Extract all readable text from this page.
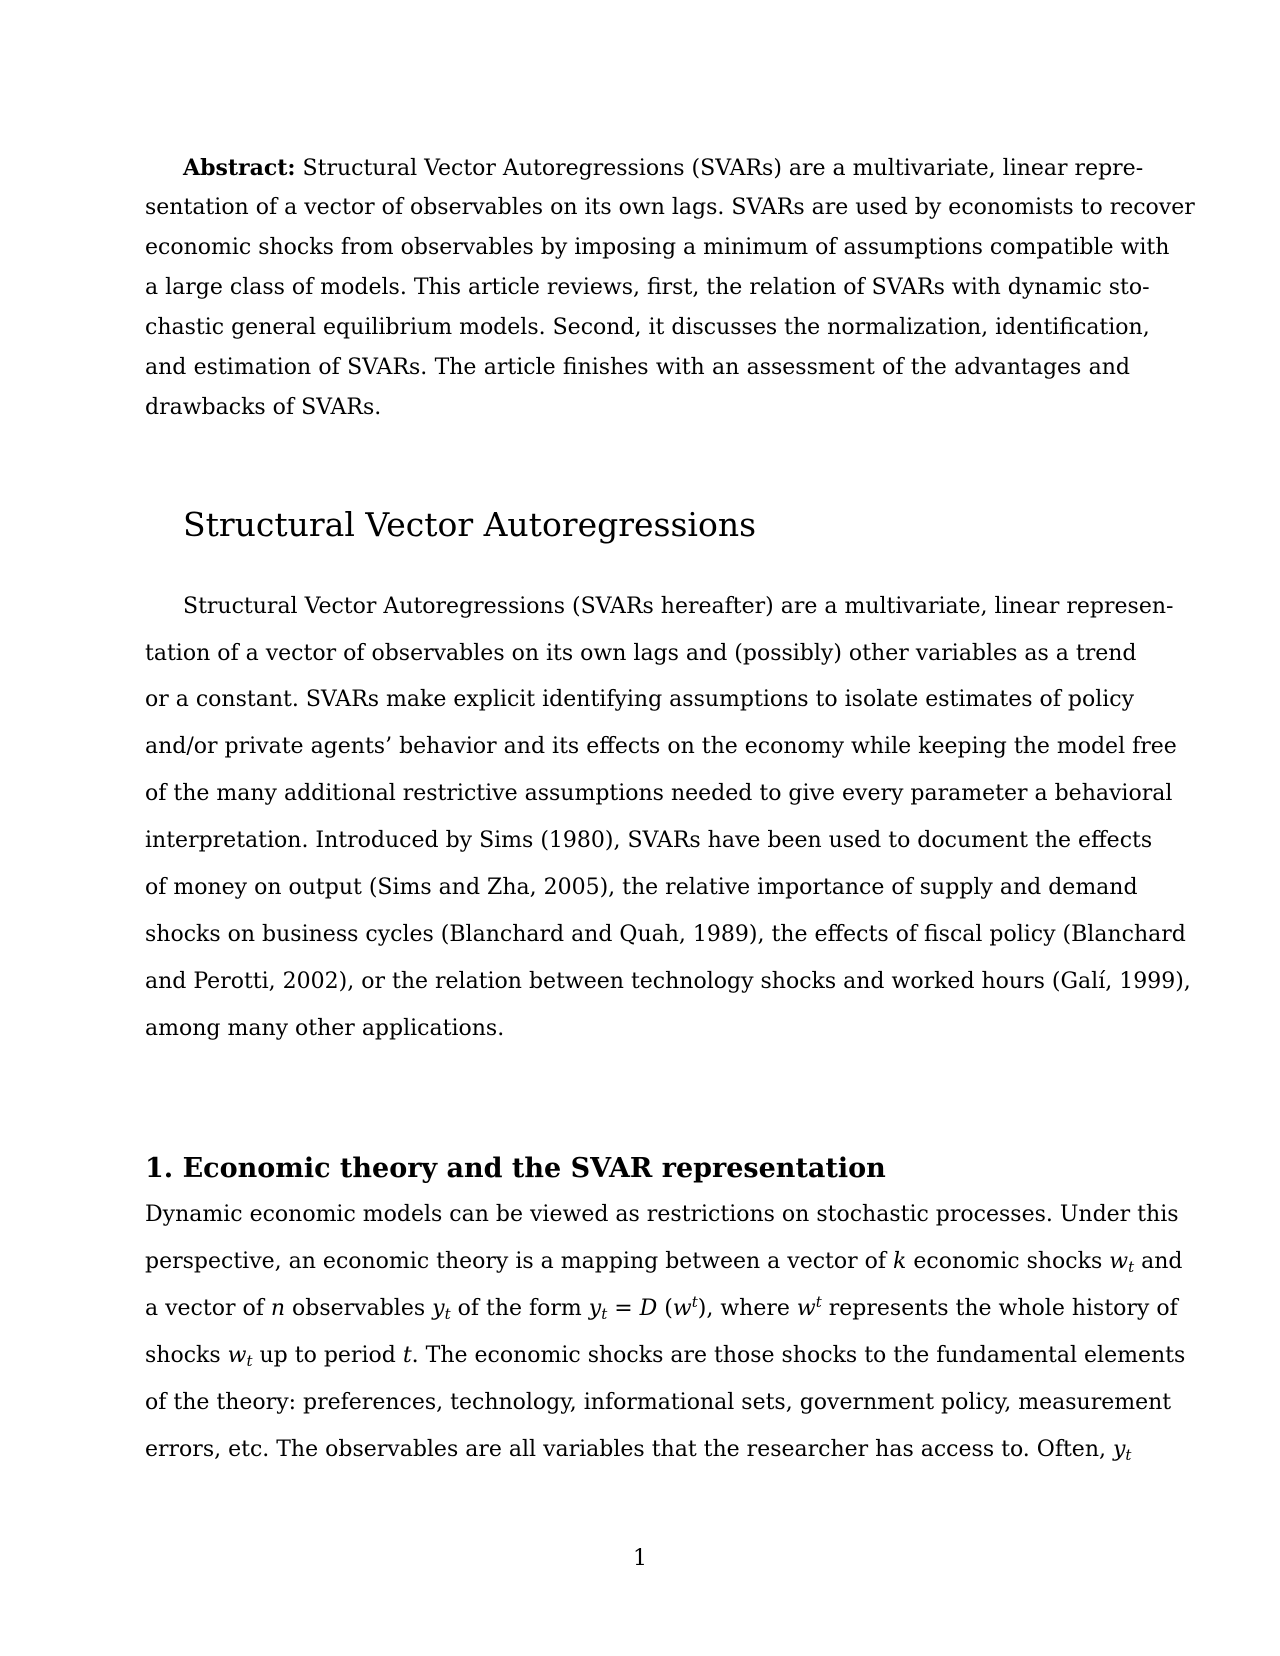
Abstract: Structural Vector Autoregressions (SVARs) are a multivariate, linear repre-
sentation of a vector of observables on its own lags. SVARs are used by economists to recover
economic shocks from observables by imposing a minimum of assumptions compatible with
a large class of models. This article reviews, first, the relation of SVARs with dynamic sto-
chastic general equilibrium models. Second, it discusses the normalization, identification,
and estimation of SVARs. The article finishes with an assessment of the advantages and
drawbacks of SVARs.
Structural Vector Autoregressions
Structural Vector Autoregressions (SVARs hereafter) are a multivariate, linear represen-
tation of a vector of observables on its own lags and (possibly) other variables as a trend
or a constant. SVARs make explicit identifying assumptions to isolate estimates of policy
and/or private agents’ behavior and its effects on the economy while keeping the model free
of the many additional restrictive assumptions needed to give every parameter a behavioral
interpretation. Introduced by Sims (1980), SVARs have been used to document the effects
of money on output (Sims and Zha, 2005), the relative importance of supply and demand
shocks on business cycles (Blanchard and Quah, 1989), the effects of fiscal policy (Blanchard
and Perotti, 2002), or the relation between technology shocks and worked hours (Galí, 1999),
among many other applications.
1. Economic theory and the SVAR representation
Dynamic economic models can be viewed as restrictions on stochastic processes. Under this
perspective, an economic theory is a mapping between a vector of k economic shocks $w_t$ and
a vector of n observables $y_t$ of the form $y_t = D$ $(w^t)$, where $w^t$ represents the whole history of
shocks $w_t$ up to period t. The economic shocks are those shocks to the fundamental elements
of the theory: preferences, technology, informational sets, government policy, measurement
errors, etc. The observables are all variables that the researcher has access to. Often, $y_t$
1
